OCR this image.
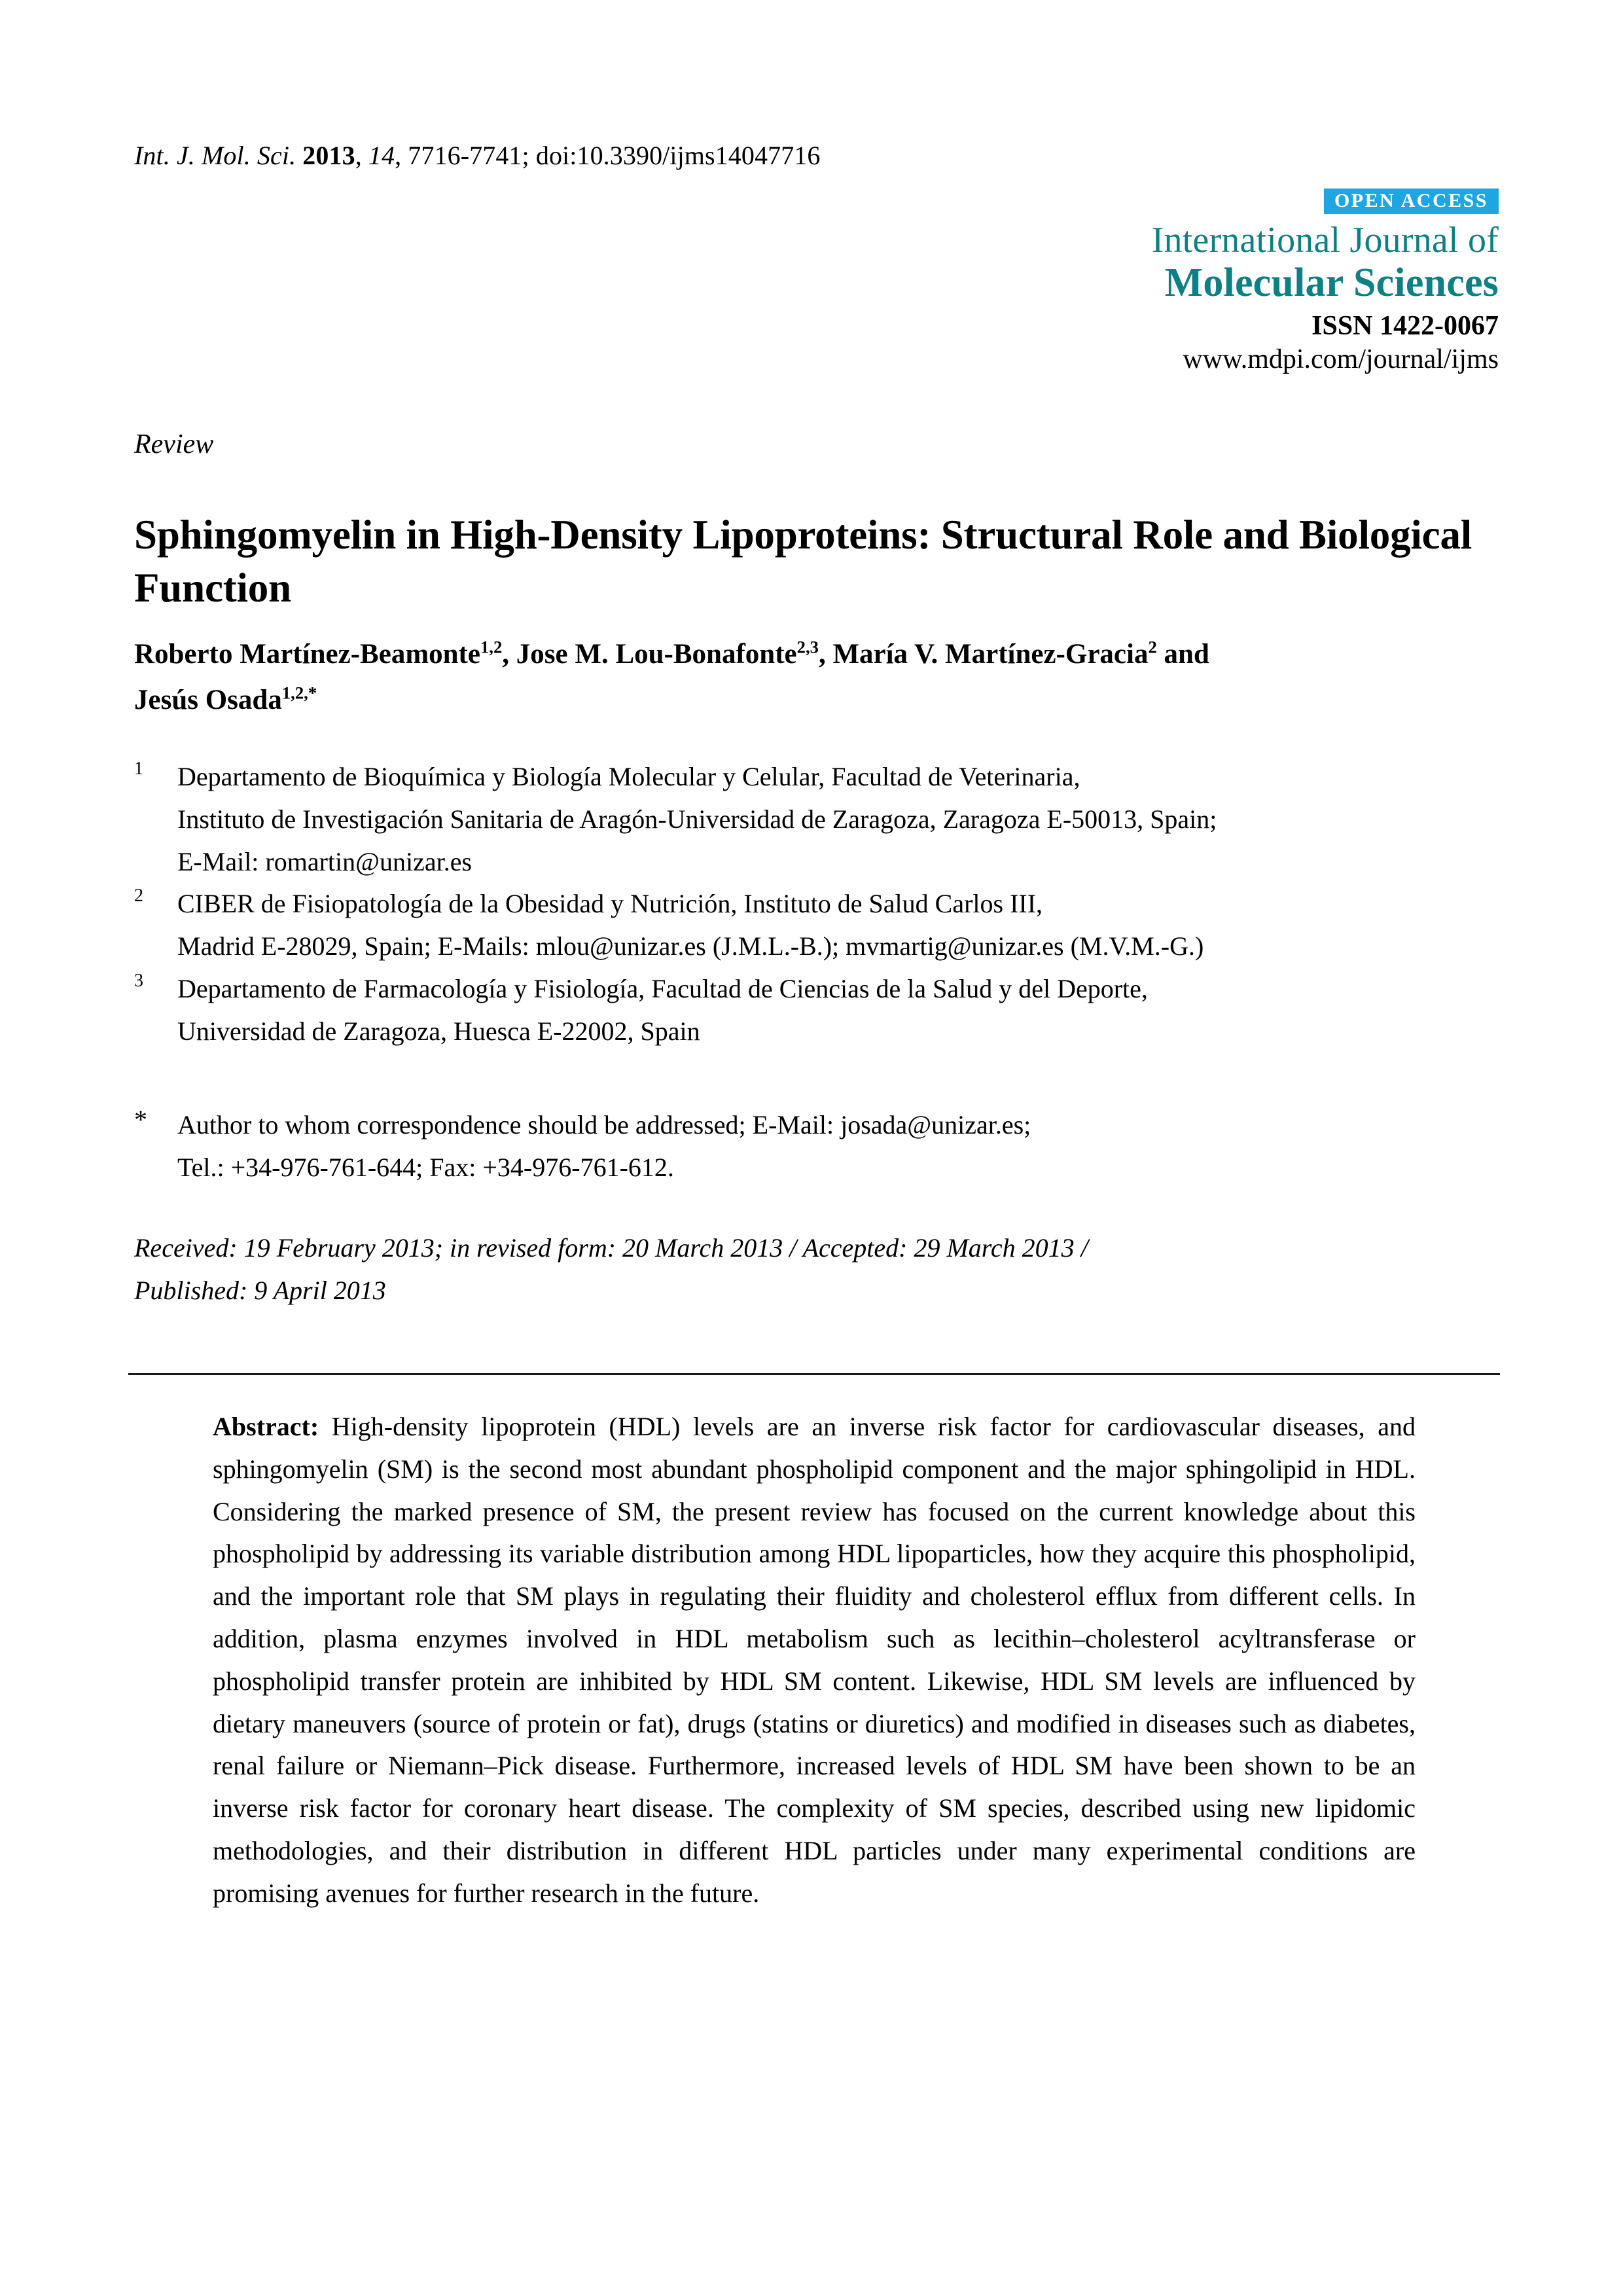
Int. J. Mol. Sci. 2013, 14, 7716-7741; doi:10.3390/ijms14047716
OPEN ACCESS
International Journal of
Molecular Sciences
ISSN 1422-0067
www.mdpi.com/journal/ijms
Review
Sphingomyelin in High-Density Lipoproteins: Structural Role and Biological Function
Roberto Martínez-Beamonte$^{1,2}$, Jose M. Lou-Bonafonte$^{2,3}$, María V. Martínez-Gracia$^2$ and
Jesús Osada$^{1,2,*}$
1	Departamento de Bioquímica y Biología Molecular y Celular, Facultad de Veterinaria,
Instituto de Investigación Sanitaria de Aragón-Universidad de Zaragoza, Zaragoza E-50013, Spain;
E-Mail: romartin@unizar.es
2	CIBER de Fisiopatología de la Obesidad y Nutrición, Instituto de Salud Carlos III,
Madrid E-28029, Spain; E-Mails: mlou@unizar.es (J.M.L.-B.); mvmartig@unizar.es (M.V.M.-G.)
3	Departamento de Farmacología y Fisiología, Facultad de Ciencias de la Salud y del Deporte,
Universidad de Zaragoza, Huesca E-22002, Spain
*	Author to whom correspondence should be addressed; E-Mail: josada@unizar.es;
Tel.: +34-976-761-644; Fax: +34-976-761-612.
Received: 19 February 2013; in revised form: 20 March 2013 / Accepted: 29 March 2013 /
Published: 9 April 2013
Abstract: High-density lipoprotein (HDL) levels are an inverse risk factor for cardiovascular diseases, and sphingomyelin (SM) is the second most abundant phospholipid component and the major sphingolipid in HDL. Considering the marked presence of SM, the present review has focused on the current knowledge about this phospholipid by addressing its variable distribution among HDL lipoparticles, how they acquire this phospholipid, and the important role that SM plays in regulating their fluidity and cholesterol efflux from different cells. In addition, plasma enzymes involved in HDL metabolism such as lecithin–cholesterol acyltransferase or phospholipid transfer protein are inhibited by HDL SM content. Likewise, HDL SM levels are influenced by dietary maneuvers (source of protein or fat), drugs (statins or diuretics) and modified in diseases such as diabetes, renal failure or Niemann–Pick disease. Furthermore, increased levels of HDL SM have been shown to be an inverse risk factor for coronary heart disease. The complexity of SM species, described using new lipidomic methodologies, and their distribution in different HDL particles under many experimental conditions are promising avenues for further research in the future.
